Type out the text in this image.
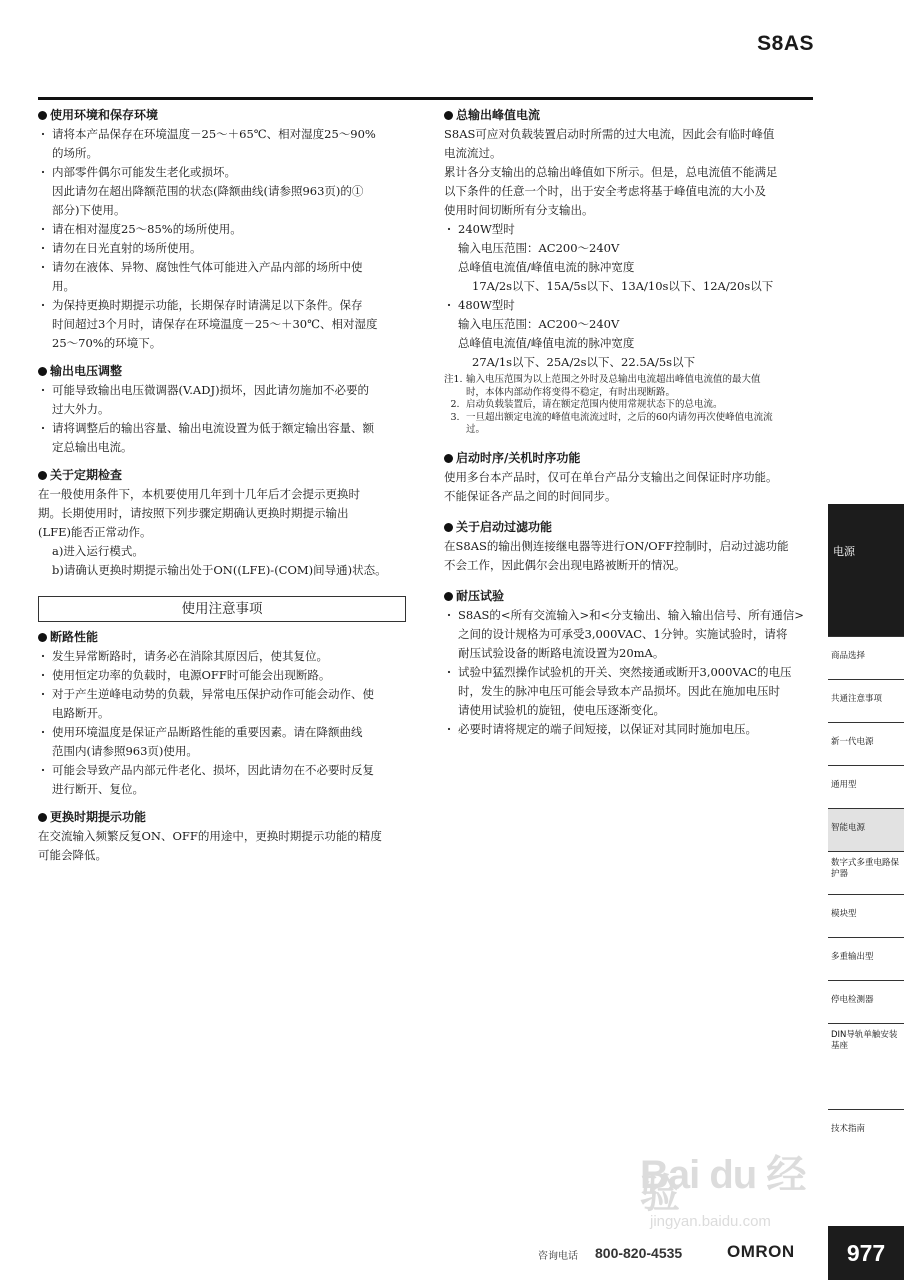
S8AS
使用环境和保存环境
· 请将本产品保存在环境温度－25～＋65℃、相对湿度25～90%
的场所。
· 内部零件偶尔可能发生老化或损坏。
因此请勿在超出降额范围的状态(降额曲线(请参照963页)的①
部分)下使用。
· 请在相对湿度25～85%的场所使用。
· 请勿在日光直射的场所使用。
· 请勿在液体、异物、腐蚀性气体可能进入产品内部的场所中使
用。
· 为保持更换时期提示功能，长期保存时请满足以下条件。保存
时间超过3个月时，请保存在环境温度－25～＋30℃、相对湿度
25～70%的环境下。
输出电压调整
· 可能导致输出电压微调器(V.ADJ)损坏，因此请勿施加不必要的
过大外力。
· 请将调整后的输出容量、输出电流设置为低于额定输出容量、额
定总输出电流。
关于定期检查
在一般使用条件下，本机要使用几年到十几年后才会提示更换时
期。长期使用时，请按照下列步骤定期确认更换时期提示输出
(LFE)能否正常动作。
a)进入运行模式。
b)请确认更换时期提示输出处于ON((LFE)-(COM)间导通)状态。
使用注意事项
断路性能
· 发生异常断路时，请务必在消除其原因后，使其复位。
· 使用恒定功率的负载时，电源OFF时可能会出现断路。
· 对于产生逆峰电动势的负载，异常电压保护动作可能会动作、使
电路断开。
· 使用环境温度是保证产品断路性能的重要因素。请在降额曲线
范围内(请参照963页)使用。
· 可能会导致产品内部元件老化、损坏，因此请勿在不必要时反复
进行断开、复位。
更换时期提示功能
在交流输入频繁反复ON、OFF的用途中，更换时期提示功能的精度
可能会降低。
总输出峰值电流
S8AS可应对负载装置启动时所需的过大电流，因此会有临时峰值
电流流过。
累计各分支输出的总输出峰值如下所示。但是，总电流值不能满足
以下条件的任意一个时，出于安全考虑将基于峰值电流的大小及
使用时间切断所有分支输出。
· 240W型时
输入电压范围：AC200～240V
总峰值电流值/峰值电流的脉冲宽度
17A/2s以下、15A/5s以下、13A/10s以下、12A/20s以下
· 480W型时
输入电压范围：AC200～240V
总峰值电流值/峰值电流的脉冲宽度
27A/1s以下、25A/2s以下、22.5A/5s以下
注1. 输入电压范围为以上范围之外时及总输出电流超出峰值电流值的最大值
时，本体内部动作将变得不稳定，有时出现断路。
2. 启动负载装置后，请在额定范围内使用常规状态下的总电流。
3. 一旦超出额定电流的峰值电流流过时，之后的60内请勿再次使峰值电流流
过。
启动时序/关机时序功能
使用多台本产品时，仅可在单台产品分支输出之间保证时序功能。
不能保证各产品之间的时间同步。
关于启动过滤功能
在S8AS的输出侧连接继电器等进行ON/OFF控制时，启动过滤功能
不会工作，因此偶尔会出现电路被断开的情况。
耐压试验
· S8AS的<所有交流输入>和<分支输出、输入输出信号、所有通信>
之间的设计规格为可承受3,000VAC、1分钟。实施试验时，请将
耐压试验设备的断路电流设置为20mA。
· 试验中猛烈操作试验机的开关、突然接通或断开3,000VAC的电压
时，发生的脉冲电压可能会导致本产品损坏。因此在施加电压时
请使用试验机的旋钮，使电压逐渐变化。
· 必要时请将规定的端子间短接，以保证对其同时施加电压。
电源
商品选择
共通注意事项
新一代电源
通用型
智能电源
数字式多重电路保护器
模块型
多重输出型
停电检测器
DIN导轨单触安装基座
技术指南
Bai du 经验
jingyan.baidu.com
咨询电话 800-820-4535	OMRON	977
